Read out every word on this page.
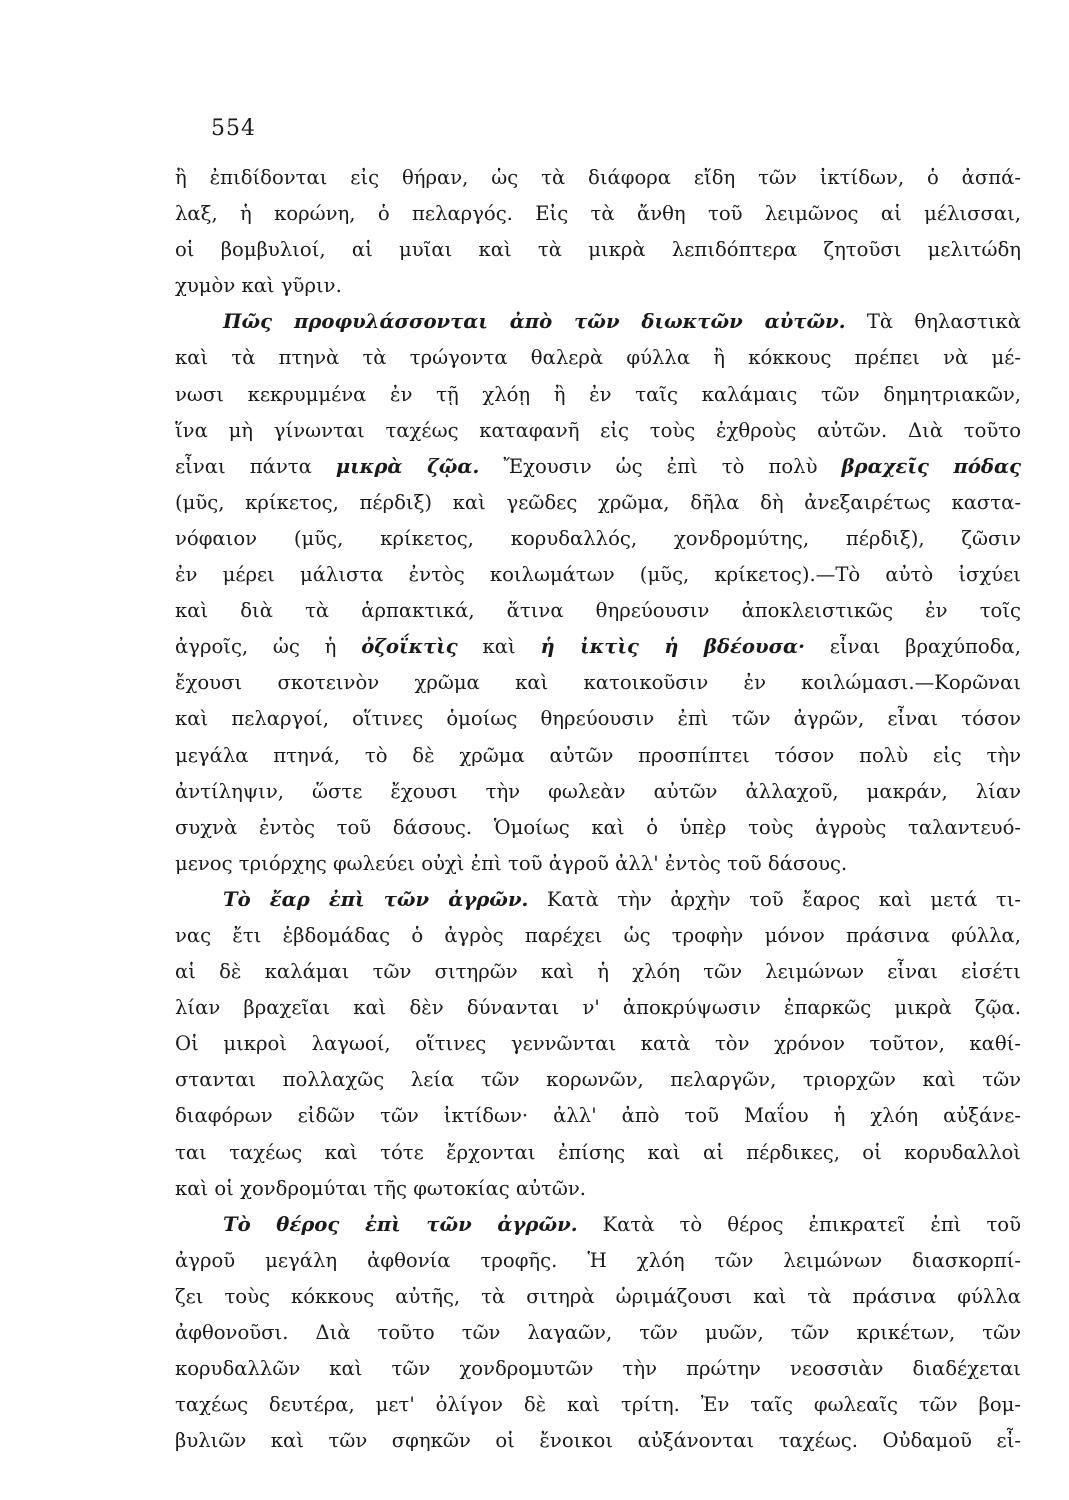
554
ἢ ἐπιδίδονται εἰς θήραν, ὡς τὰ διάφορα εἴδη τῶν ἰκτίδων, ὁ ἀσπά-
λαξ, ἡ κορώνη, ὁ πελαργός. Εἰς τὰ ἄνθη τοῦ λειμῶνος αἱ μέλισσαι,
οἱ βομβυλιοί, αἱ μυῖαι καὶ τὰ μικρὰ λεπιδόπτερα ζητοῦσι μελιτώδη
χυμὸν καὶ γῦριν.
Πῶς προφυλάσσονται ἀπὸ τῶν διωκτῶν αὐτῶν. Τὰ θηλαστικὰ
καὶ τὰ πτηνὰ τὰ τρώγοντα θαλερὰ φύλλα ἢ κόκκους πρέπει νὰ μέ-
νωσι κεκρυμμένα ἐν τῇ χλόῃ ἢ ἐν ταῖς καλάμαις τῶν δημητριακῶν,
ἵνα μὴ γίνωνται ταχέως καταφανῆ εἰς τοὺς ἐχθροὺς αὐτῶν. Διὰ τοῦτο
εἶναι πάντα μικρὰ ζῷα. Ἔχουσιν ὡς ἐπὶ τὸ πολὺ βραχεῖς πόδας
(μῦς, κρίκετος, πέρδιξ) καὶ γεῶδες χρῶμα, δῆλα δὴ ἀνεξαιρέτως καστα-
νόφαιον (μῦς, κρίκετος, κορυδαλλός, χονδρομύτης, πέρδιξ), ζῶσιν
ἐν μέρει μάλιστα ἐντὸς κοιλωμάτων (μῦς, κρίκετος).—Τὸ αὐτὸ ἰσχύει
καὶ διὰ τὰ ἁρπακτικά, ἅτινα θηρεύουσιν ἀποκλειστικῶς ἐν τοῖς
ἀγροῖς, ὡς ἡ ὀζοΐκτὶς καὶ ἡ ἰκτὶς ἡ βδέουσα· εἶναι βραχύποδα,
ἔχουσι σκοτεινὸν χρῶμα καὶ κατοικοῦσιν ἐν κοιλώμασι.—Κορῶναι
καὶ πελαργοί, οἵτινες ὁμοίως θηρεύουσιν ἐπὶ τῶν ἀγρῶν, εἶναι τόσον
μεγάλα πτηνά, τὸ δὲ χρῶμα αὐτῶν προσπίπτει τόσον πολὺ εἰς τὴν
ἀντίληψιν, ὥστε ἔχουσι τὴν φωλεὰν αὐτῶν ἀλλαχοῦ, μακράν, λίαν
συχνὰ ἐντὸς τοῦ δάσους. Ὁμοίως καὶ ὁ ὑπὲρ τοὺς ἀγροὺς ταλαντευό-
μενος τριόρχης φωλεύει οὐχὶ ἐπὶ τοῦ ἀγροῦ ἀλλ' ἐντὸς τοῦ δάσους.
Τὸ ἔαρ ἐπὶ τῶν ἀγρῶν. Κατὰ τὴν ἀρχὴν τοῦ ἔαρος καὶ μετά τι-
νας ἔτι ἑβδομάδας ὁ ἀγρὸς παρέχει ὡς τροφὴν μόνον πράσινα φύλλα,
αἱ δὲ καλάμαι τῶν σιτηρῶν καὶ ἡ χλόη τῶν λειμώνων εἶναι εἰσέτι
λίαν βραχεῖαι καὶ δὲν δύνανται ν' ἀποκρύψωσιν ἐπαρκῶς μικρὰ ζῷα.
Οἱ μικροὶ λαγωοί, οἵτινες γεννῶνται κατὰ τὸν χρόνον τοῦτον, καθί-
στανται πολλαχῶς λεία τῶν κορωνῶν, πελαργῶν, τριορχῶν καὶ τῶν
διαφόρων εἰδῶν τῶν ἰκτίδων· ἀλλ' ἀπὸ τοῦ Μαΐου ἡ χλόη αὐξάνε-
ται ταχέως καὶ τότε ἔρχονται ἐπίσης καὶ αἱ πέρδικες, οἱ κορυδαλλοὶ
καὶ οἱ χονδρομύται τῆς φωτοκίας αὐτῶν.
Τὸ θέρος ἐπὶ τῶν ἀγρῶν. Κατὰ τὸ θέρος ἐπικρατεῖ ἐπὶ τοῦ
ἀγροῦ μεγάλη ἀφθονία τροφῆς. Ἡ χλόη τῶν λειμώνων διασκορπί-
ζει τοὺς κόκκους αὐτῆς, τὰ σιτηρὰ ὡριμάζουσι καὶ τὰ πράσινα φύλλα
ἀφθονοῦσι. Διὰ τοῦτο τῶν λαγαῶν, τῶν μυῶν, τῶν κρικέτων, τῶν
κορυδαλλῶν καὶ τῶν χονδρομυτῶν τὴν πρώτην νεοσσιὰν διαδέχεται
ταχέως δευτέρα, μετ' ὀλίγον δὲ καὶ τρίτη. Ἐν ταῖς φωλεαῖς τῶν βομ-
βυλιῶν καὶ τῶν σφηκῶν οἱ ἔνοικοι αὐξάνονται ταχέως. Οὐδαμοῦ εἶ-
